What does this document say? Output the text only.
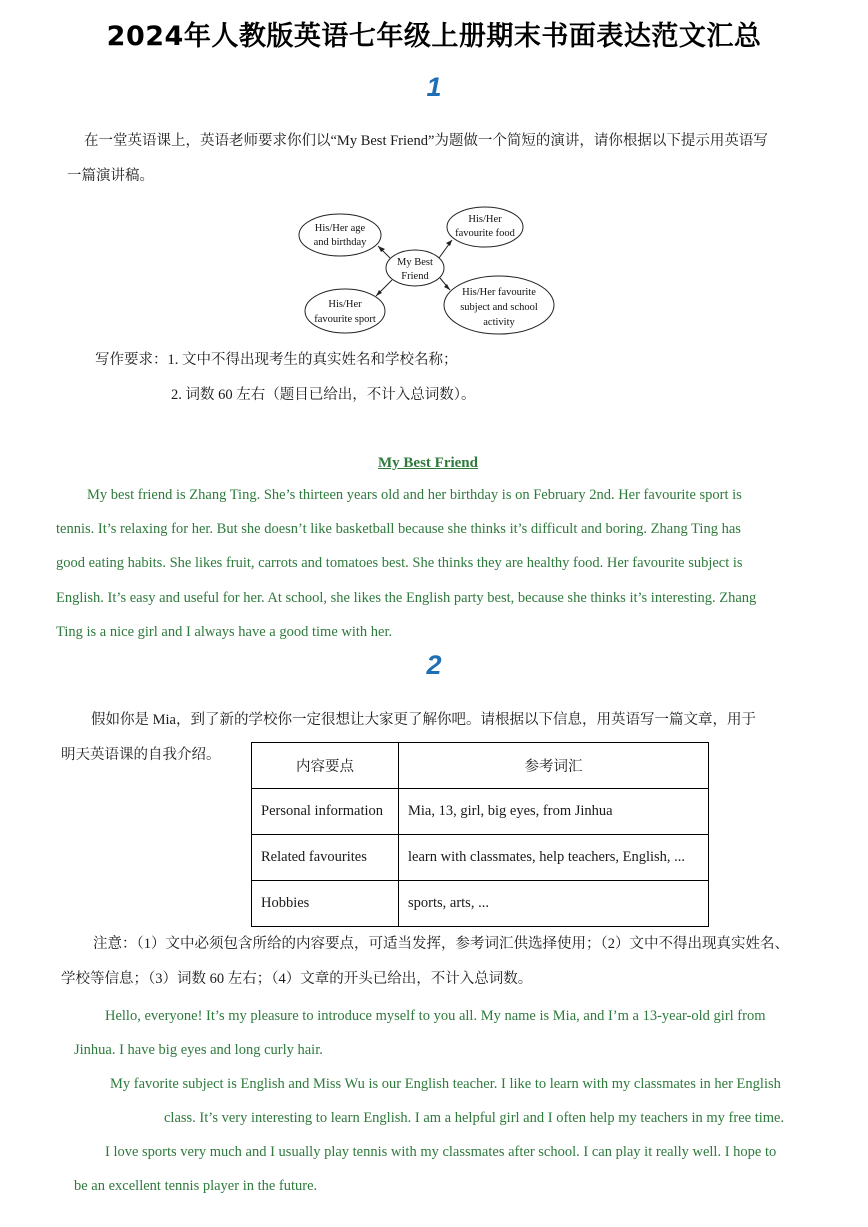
2024年人教版英语七年级上册期末书面表达范文汇总
1

在一堂英语课上，英语老师要求你们以“My Best Friend”为题做一个简短的演讲，请你根据以下提示用英语写

一篇演讲稿。

His/Her age
and birthday
His/Her
favourite food
My Best
Friend
His/Her
favourite sport
His/Her favourite
subject and school
activity

写作要求：1. 文中不得出现考生的真实姓名和学校名称；

2. 词数 60 左右（题目已给出，不计入总词数）。

My Best Friend

My best friend is Zhang Ting. She’s thirteen years old and her birthday is on February 2nd. Her favourite sport is

tennis. It’s relaxing for her. But she doesn’t like basketball because she thinks it’s difficult and boring. Zhang Ting has

good eating habits. She likes fruit, carrots and tomatoes best. She thinks they are healthy food. Her favourite subject is

English. It’s easy and useful for her. At school, she likes the English party best, because she thinks it’s interesting. Zhang

Ting is a nice girl and I always have a good time with her.

2

假如你是 Mia，到了新的学校你一定很想让大家更了解你吧。请根据以下信息，用英语写一篇文章，用于

明天英语课的自我介绍。

内容要点	参考词汇
Personal information	Mia, 13, girl, big eyes, from Jinhua
Related favourites	learn with classmates, help teachers, English, ...
Hobbies	sports, arts, ...

注意：（1）文中必须包含所给的内容要点，可适当发挥，参考词汇供选择使用；（2）文中不得出现真实姓名、

学校等信息；（3）词数 60 左右；（4）文章的开头已给出，不计入总词数。

Hello, everyone! It’s my pleasure to introduce myself to you all. My name is Mia, and I’m a 13-year-old girl from

Jinhua. I have big eyes and long curly hair.

My favorite subject is English and Miss Wu is our English teacher. I like to learn with my classmates in her English

class. It’s very interesting to learn English. I am a helpful girl and I often help my teachers in my free time.

I love sports very much and I usually play tennis with my classmates after school. I can play it really well. I hope to

be an excellent tennis player in the future.
